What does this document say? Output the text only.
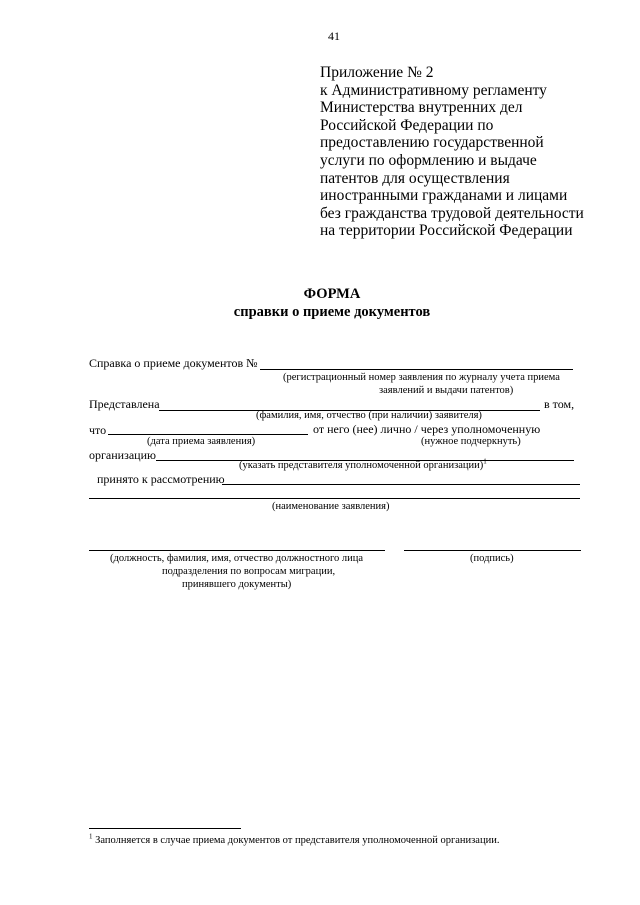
41
Приложение № 2
к Административному регламенту
Министерства внутренних дел
Российской Федерации по
предоставлению государственной
услуги по оформлению и выдаче
патентов для осуществления
иностранными гражданами и лицами
без гражданства трудовой деятельности
на территории Российской Федерации
ФОРМА
справки о приеме документов
Справка о приеме документов №
(регистрационный номер заявления по журналу учета приема
заявлений и выдачи патентов)
Представлена	в том,
(фамилия, имя, отчество (при наличии) заявителя)
что	от него (нее) лично / через уполномоченную
(дата приема заявления)	(нужное подчеркнуть)
организацию
(указать представителя уполномоченной организации)$^1$
принято к рассмотрению
(наименование заявления)
(должность, фамилия, имя, отчество должностного лица
подразделения по вопросам миграции,
принявшего документы)
(подпись)
$^1$ Заполняется в случае приема документов от представителя уполномоченной организации.
